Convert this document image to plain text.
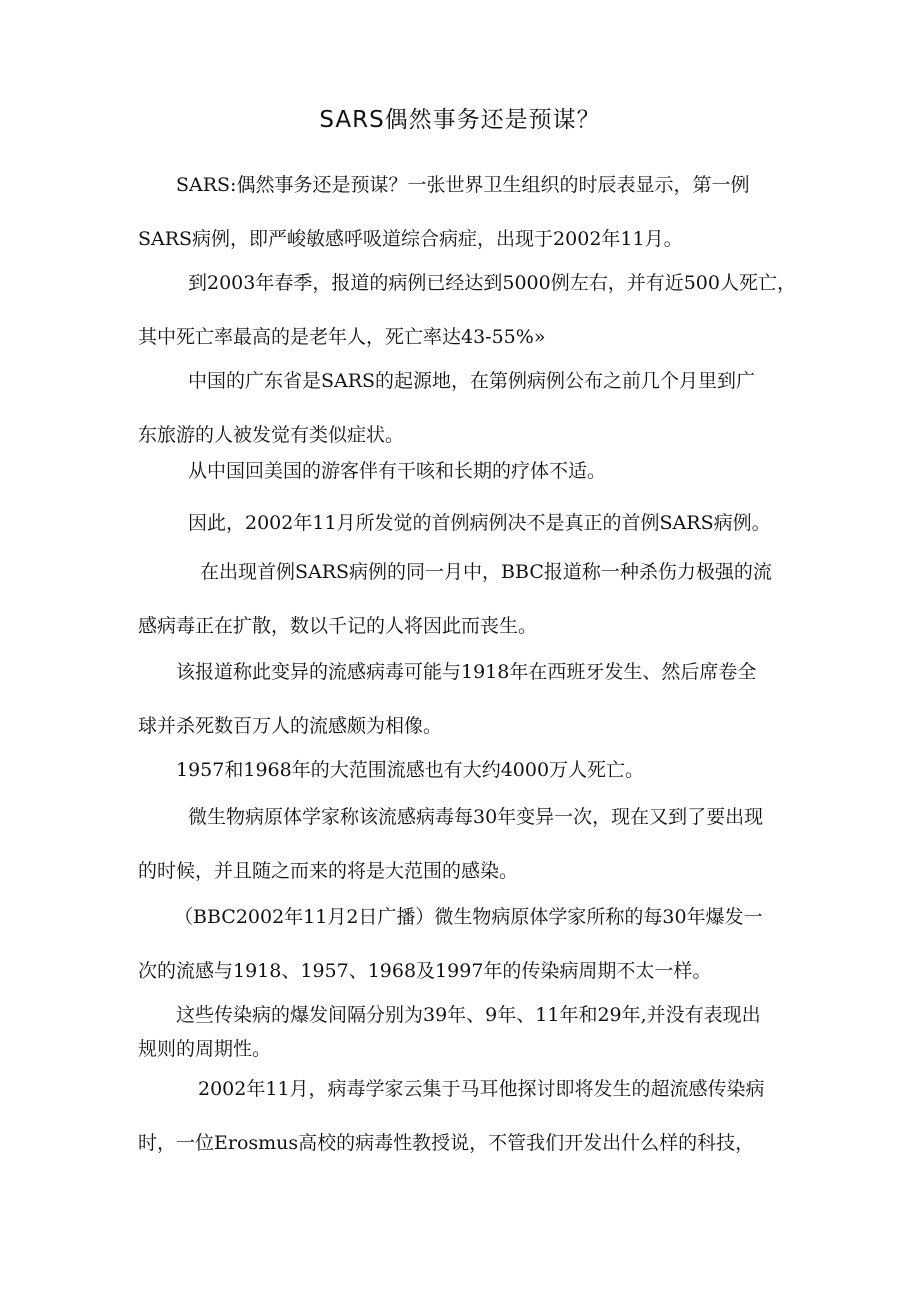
SARS偶然事务还是预谋？

SARS:偶然事务还是预谋？一张世界卫生组织的时辰表显示，第一例
SARS病例，即严峻敏感呼吸道综合病症，出现于2002年11月。

到2003年春季，报道的病例已经达到5000例左右，并有近500人死亡，
其中死亡率最高的是老年人，死亡率达43-55%»

中国的广东省是SARS的起源地，在第例病例公布之前几个月里到广
东旅游的人被发觉有类似症状。

从中国回美国的游客伴有干咳和长期的疗体不适。

因此，2002年11月所发觉的首例病例决不是真正的首例SARS病例。

在出现首例SARS病例的同一月中，BBC报道称一种杀伤力极强的流
感病毒正在扩散，数以千记的人将因此而丧生。

该报道称此变异的流感病毒可能与1918年在西班牙发生、然后席卷全
球并杀死数百万人的流感颇为相像。

1957和1968年的大范围流感也有大约4000万人死亡。

微生物病原体学家称该流感病毒每30年变异一次，现在又到了要出现
的时候，并且随之而来的将是大范围的感染。

（BBC2002年11月2日广播）微生物病原体学家所称的每30年爆发一
次的流感与1918、1957、1968及1997年的传染病周期不太一样。

这些传染病的爆发间隔分别为39年、9年、11年和29年,并没有表现出
规则的周期性。

2002年11月，病毒学家云集于马耳他探讨即将发生的超流感传染病
时，一位Erosmus高校的病毒性教授说，不管我们开发出什么样的科技，
